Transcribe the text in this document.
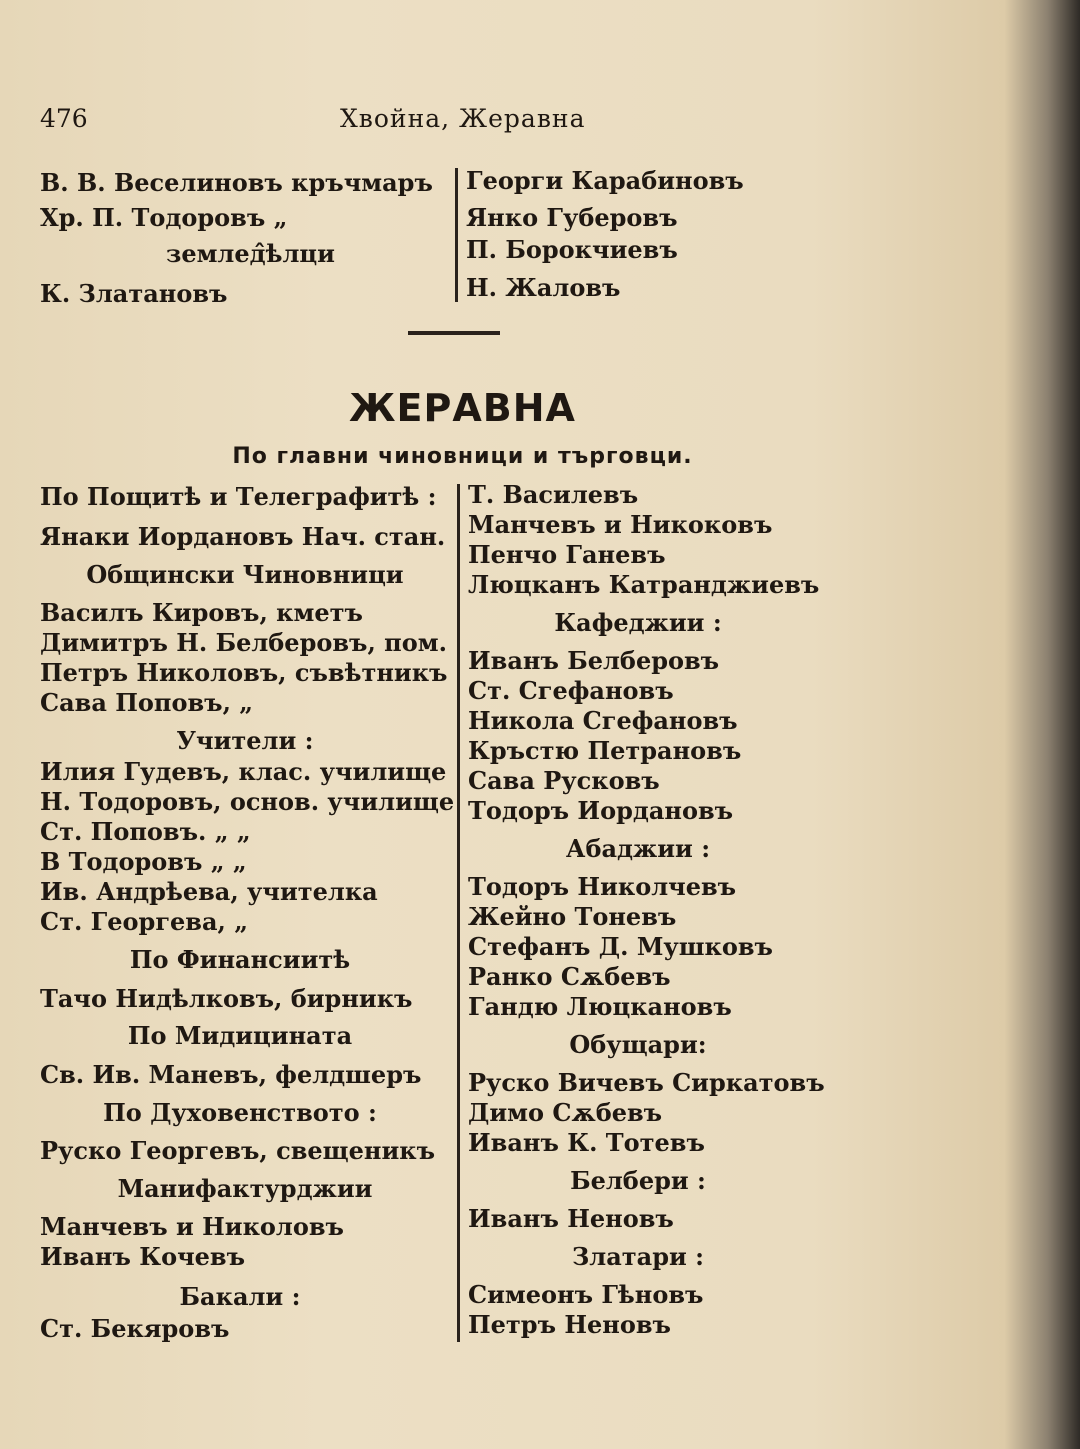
476	Хвойна, Жеравна
В. В. Веселиновъ кръчмаръ
Хр. П. Тодоровъ „
землед̂ѣлци
К. Златановъ
Георги Карабиновъ
Янко Губеровъ
П. Борокчиевъ
Н. Жаловъ
ЖЕРАВНА
По главни чиновници и търговци.
По Пощитѣ и Телеграфитѣ :
Янаки Иордановъ Нач. стан.
Общински Чиновници
Василъ Кировъ, кметъ
Димитръ Н. Белберовъ, пом.
Петръ Николовъ, съвѣтникъ
Сава Поповъ, „
Учители :
Илия Гудевъ, клас. училище
Н. Тодоровъ, основ. училище
Ст. Поповъ. „ „
В Тодоровъ „ „
Ив. Андрѣева, учителка
Ст. Георгева, „
По Финансиитѣ
Тачо Нидѣлковъ, бирникъ
По Мидицината
Св. Ив. Маневъ, фелдшеръ
По Духовенството :
Руско Георгевъ, свещеникъ
Манифактурджии
Манчевъ и Николовъ
Иванъ Кочевъ
Бакали :
Ст. Бекяровъ
Т. Василевъ
Манчевъ и Никоковъ
Пенчо Ганевъ
Люцканъ Катранджиевъ
Кафеджии :
Иванъ Белберовъ
Ст. Сгефановъ
Никола Сгефановъ
Кръстю Петрановъ
Сава Русковъ
Тодоръ Иордановъ
Абаджии :
Тодоръ Николчевъ
Жейно Тоневъ
Стефанъ Д. Мушковъ
Ранко Сѫбевъ
Гандю Люцкановъ
Обущари:
Руско Вичевъ Сиркатовъ
Димо Сѫбевъ
Иванъ К. Тотевъ
Белбери :
Иванъ Неновъ
Златари :
Симеонъ Гѣновъ
Петръ Неновъ
